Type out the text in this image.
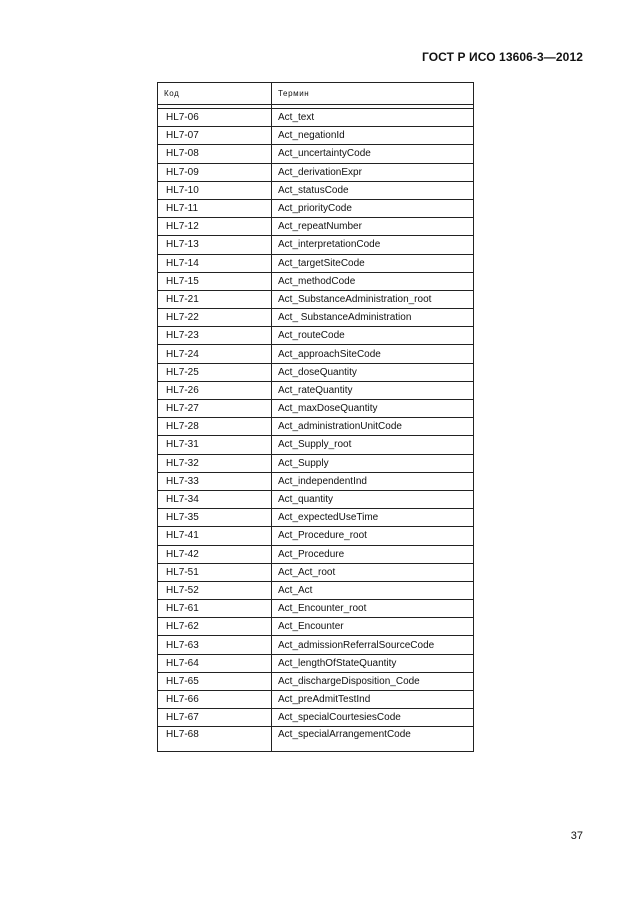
ГОСТ Р ИСО 13606-3—2012
Код	Термин

HL7-06	Act_text
HL7-07	Act_negationId
HL7-08	Act_uncertaintyCode
HL7-09	Act_derivationExpr
HL7-10	Act_statusCode
HL7-11	Act_priorityCode
HL7-12	Act_repeatNumber
HL7-13	Act_interpretationCode
HL7-14	Act_targetSiteCode
HL7-15	Act_methodCode
HL7-21	Act_SubstanceAdministration_root
HL7-22	Act_ SubstanceAdministration
HL7-23	Act_routeCode
HL7-24	Act_approachSiteCode
HL7-25	Act_doseQuantity
HL7-26	Act_rateQuantity
HL7-27	Act_maxDoseQuantity
HL7-28	Act_administrationUnitCode
HL7-31	Act_Supply_root
HL7-32	Act_Supply
HL7-33	Act_independentInd
HL7-34	Act_quantity
HL7-35	Act_expectedUseTime
HL7-41	Act_Procedure_root
HL7-42	Act_Procedure
HL7-51	Act_Act_root
HL7-52	Act_Act
HL7-61	Act_Encounter_root
HL7-62	Act_Encounter
HL7-63	Act_admissionReferralSourceCode
HL7-64	Act_lengthOfStateQuantity
HL7-65	Act_dischargeDisposition_Code
HL7-66	Act_preAdmitTestInd
HL7-67	Act_specialCourtesiesCode
HL7-68	Act_specialArrangementCode
37
